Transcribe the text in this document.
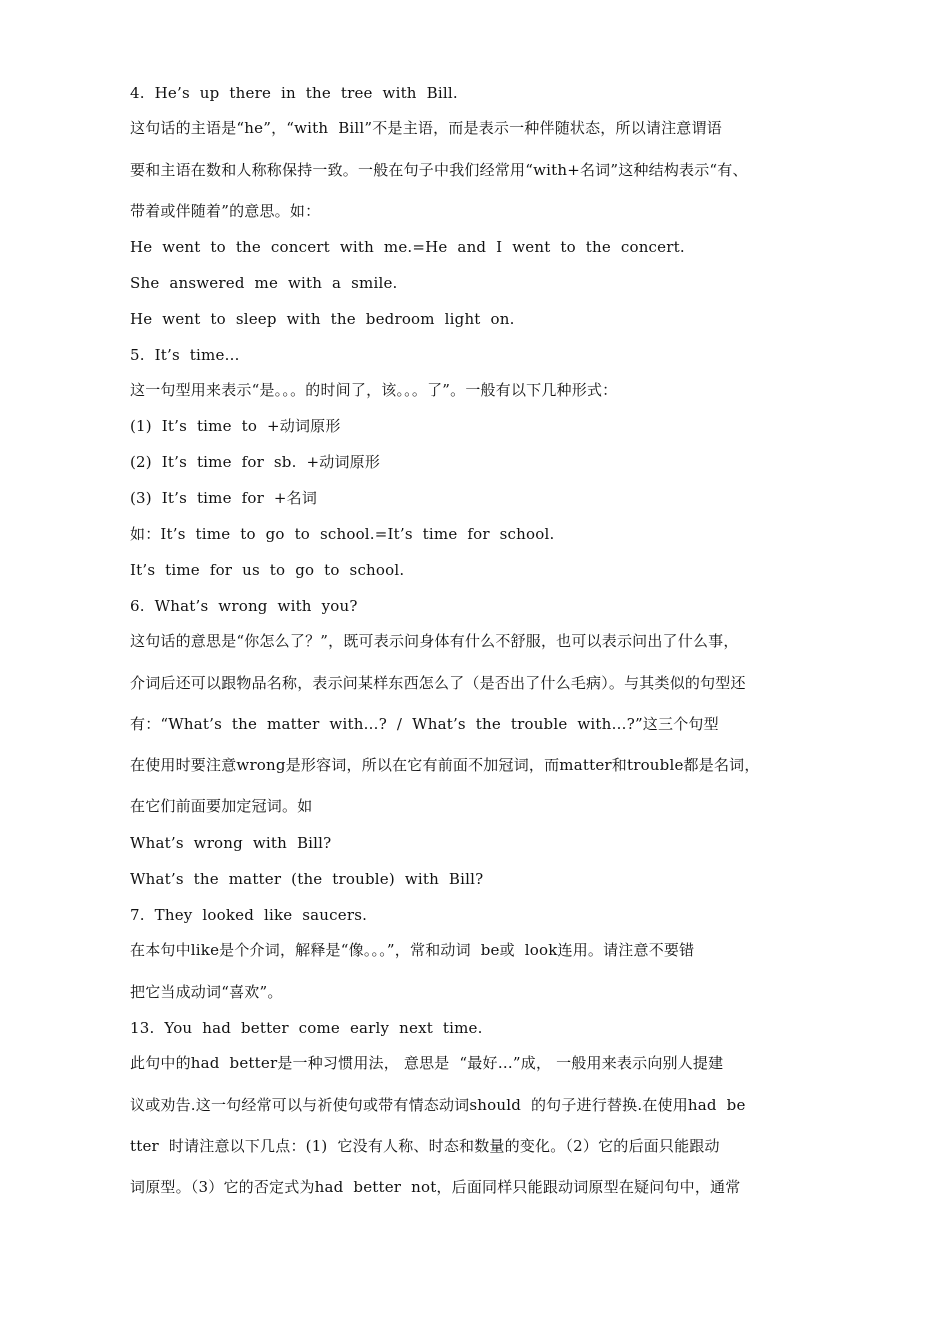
4.  He’s  up  there  in  the  tree  with  Bill.
这句话的主语是“he”，“with  Bill”不是主语，而是表示一种伴随状态，所以请注意谓语
要和主语在数和人称称保持一致。一般在句子中我们经常用“with+名词”这种结构表示“有、
带着或伴随着”的意思。如：
He  went  to  the  concert  with  me.=He  and  I  went  to  the  concert.
She  answered  me  with  a  smile.
He  went  to  sleep  with  the  bedroom  light  on.
5.  It’s  time…
这一句型用来表示“是。。。的时间了，该。。。了”。一般有以下几种形式：
(1)  It’s  time  to  +动词原形
(2)  It’s  time  for  sb.  +动词原形
(3)  It’s  time  for  +名词
如：It’s  time  to  go  to  school.=It’s  time  for  school.
It’s  time  for  us  to  go  to  school.
6.  What’s  wrong  with  you?
这句话的意思是“你怎么了？”，既可表示问身体有什么不舒服，也可以表示问出了什么事，
介词后还可以跟物品名称，表示问某样东西怎么了（是否出了什么毛病）。与其类似的句型还
有：“What’s  the  matter  with…?  /  What’s  the  trouble  with…?”这三个句型
在使用时要注意wrong是形容词，所以在它有前面不加冠词，而matter和trouble都是名词，
在它们前面要加定冠词。如
What’s  wrong  with  Bill?
What’s  the  matter  (the  trouble)  with  Bill?
7.  They  looked  like  saucers.
在本句中like是个介词，解释是“像。。。”，常和动词  be或  look连用。请注意不要错
把它当成动词“喜欢”。
13.  You  had  better  come  early  next  time.
此句中的had  better是一种习惯用法， 意思是  “最好…”成， 一般用来表示向别人提建
议或劝告.这一句经常可以与祈使句或带有情态动词should  的句子进行替换.在使用had  be
tter  时请注意以下几点：(1)  它没有人称、时态和数量的变化。（2）它的后面只能跟动
词原型。（3）它的否定式为had  better  not，后面同样只能跟动词原型在疑问句中，通常
